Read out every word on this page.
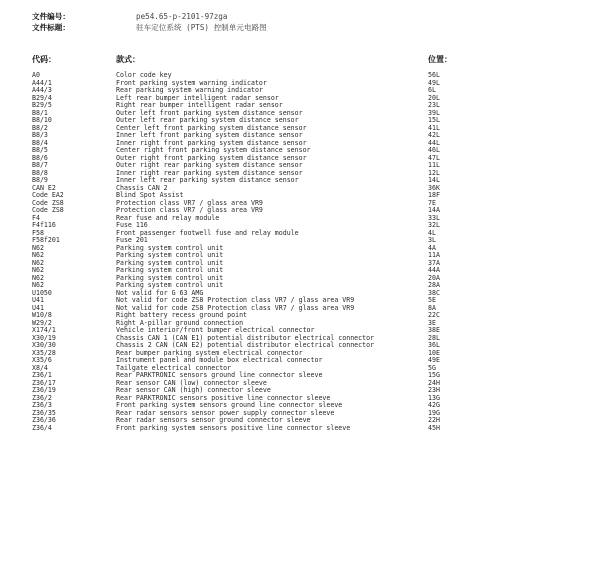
文件编号：	pe54.65-p-2101-97zga
文件标题：	驻车定位系统 (PTS) 控制单元电路图
代码：	款式：	位置：
A0	Color code key	56L
A44/1	Front parking system warning indicator	49L
A44/3	Rear parking system warning indicator	6L
B29/4	Left rear bumper intelligent radar sensor	20L
B29/5	Right rear bumper intelligent radar sensor	23L
B8/1	Outer left front parking system distance sensor	39L
B8/10	Outer left rear parking system distance sensor	15L
B8/2	Center left front parking system distance sensor	41L
B8/3	Inner left front parking system distance sensor	42L
B8/4	Inner right front parking system distance sensor	44L
B8/5	Center right front parking system distance sensor	46L
B8/6	Outer right front parking system distance sensor	47L
B8/7	Outer right rear parking system distance sensor	11L
B8/8	Inner right rear parking system distance sensor	12L
B8/9	Inner left rear parking system distance sensor	14L
CAN E2	Chassis CAN 2	36K
Code EA2	Blind Spot Assist	18F
Code ZS8	Protection class VR7 / glass area VR9	7E
Code ZS8	Protection class VR7 / glass area VR9	14A
F4	Rear fuse and relay module	33L
F4f116	Fuse 116	32L
F58	Front passenger footwell fuse and relay module	4L
F58f201	Fuse 201	3L
N62	Parking system control unit	4A
N62	Parking system control unit	11A
N62	Parking system control unit	37A
N62	Parking system control unit	44A
N62	Parking system control unit	20A
N62	Parking system control unit	28A
U1050	Not valid for G 63 AMG	38C
U41	Not valid for code ZS8 Protection class VR7 / glass area VR9	5E
U41	Not valid for code ZS8 Protection class VR7 / glass area VR9	8A
W10/8	Right battery recess ground point	22C
W29/2	Right A-pillar ground connection	3E
X174/1	Vehicle interior/front bumper electrical connector	38E
X30/19	Chassis CAN 1 (CAN E1) potential distributor electrical connector	28L
X30/30	Chassis 2 CAN (CAN E2) potential distributor electrical connector	36L
X35/28	Rear bumper parking system electrical connector	10E
X35/6	Instrument panel and module box electrical connector	49E
X8/4	Tailgate electrical connector	5G
Z36/1	Rear PARKTRONIC sensors ground line connector sleeve	15G
Z36/17	Rear sensor CAN (low) connector sleeve	24H
Z36/19	Rear sensor CAN (high) connector sleeve	23H
Z36/2	Rear PARKTRONIC sensors positive line connector sleeve	13G
Z36/3	Front parking system sensors ground line connector sleeve	42G
Z36/35	Rear radar sensors sensor power supply connector sleeve	19G
Z36/36	Rear radar sensors sensor ground connector sleeve	22H
Z36/4	Front parking system sensors positive line connector sleeve	45H
